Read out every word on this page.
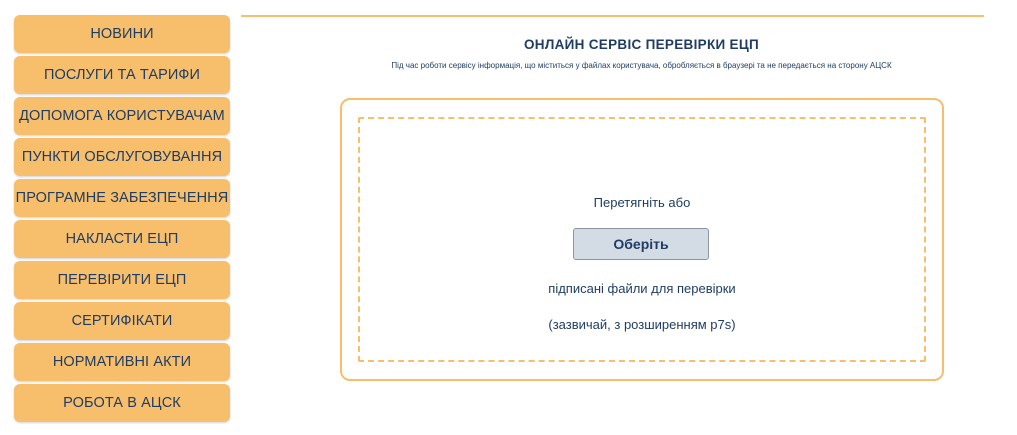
НОВИНИ
ПОСЛУГИ ТА ТАРИФИ
ДОПОМОГА КОРИСТУВАЧАМ
ПУНКТИ ОБСЛУГОВУВАННЯ
ПРОГРАМНЕ ЗАБЕЗПЕЧЕННЯ
НАКЛАСТИ ЕЦП
ПЕРЕВІРИТИ ЕЦП
СЕРТИФІКАТИ
НОРМАТИВНІ АКТИ
РОБОТА В АЦСК
ОНЛАЙН СЕРВІС ПЕРЕВІРКИ ЕЦП
Під час роботи сервісу інформація, що міститься у файлах користувача, обробляється в браузері та не передається на сторону АЦСК
Перетягніть або
Оберіть
підписані файли для перевірки
(зазвичай, з розширенням p7s)
